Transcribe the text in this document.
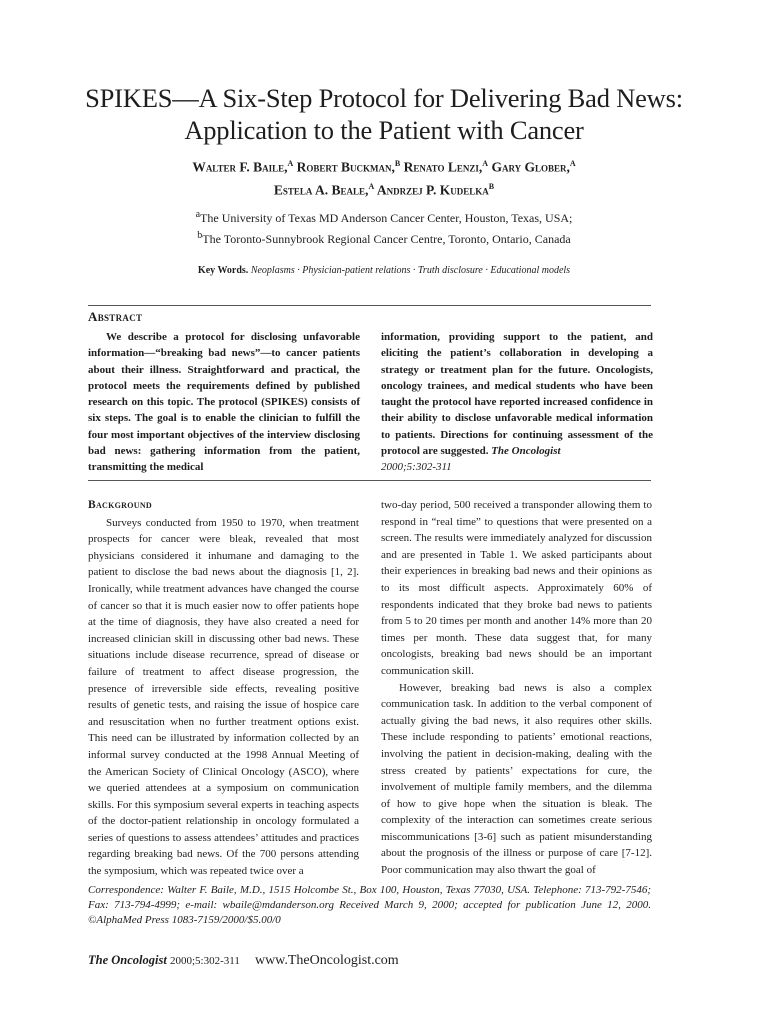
SPIKES—A Six-Step Protocol for Delivering Bad News:
Application to the Patient with Cancer
Walter F. Baile,$^a$ Robert Buckman,$^b$ Renato Lenzi,$^a$ Gary Glober,$^a$
Estela A. Beale,$^a$ Andrzej P. Kudelka$^b$
$^a$The University of Texas MD Anderson Cancer Center, Houston, Texas, USA;
$^b$The Toronto-Sunnybrook Regional Cancer Centre, Toronto, Ontario, Canada
Key Words. Neoplasms · Physician-patient relations · Truth disclosure · Educational models
Abstract
We describe a protocol for disclosing unfavorable information—“breaking bad news”—to cancer patients about their illness. Straightforward and practical, the protocol meets the requirements defined by published research on this topic. The protocol (SPIKES) consists of six steps. The goal is to enable the clinician to fulfill the four most important objectives of the interview disclosing bad news: gathering information from the patient, transmitting the medical
information, providing support to the patient, and eliciting the patient’s collaboration in developing a strategy or treatment plan for the future. Oncologists, oncology trainees, and medical students who have been taught the protocol have reported increased confidence in their ability to disclose unfavorable medical information to patients. Directions for continuing assessment of the protocol are suggested. The Oncologist
2000;5:302-311
Background

Surveys conducted from 1950 to 1970, when treatment prospects for cancer were bleak, revealed that most physicians considered it inhumane and damaging to the patient to disclose the bad news about the diagnosis [1, 2]. Ironically, while treatment advances have changed the course of cancer so that it is much easier now to offer patients hope at the time of diagnosis, they have also created a need for increased clinician skill in discussing other bad news. These situations include disease recurrence, spread of disease or failure of treatment to affect disease progression, the presence of irreversible side effects, revealing positive results of genetic tests, and raising the issue of hospice care and resuscitation when no further treatment options exist. This need can be illustrated by information collected by an informal survey conducted at the 1998 Annual Meeting of the American Society of Clinical Oncology (ASCO), where we queried attendees at a symposium on communication skills. For this symposium several experts in teaching aspects of the doctor-patient relationship in oncology formulated a series of questions to assess attendees’ attitudes and practices regarding breaking bad news. Of the 700 persons attending the symposium, which was repeated twice over a

two-day period, 500 received a transponder allowing them to respond in “real time” to questions that were presented on a screen. The results were immediately analyzed for discussion and are presented in Table 1. We asked participants about their experiences in breaking bad news and their opinions as to its most difficult aspects. Approximately 60% of respondents indicated that they broke bad news to patients from 5 to 20 times per month and another 14% more than 20 times per month. These data suggest that, for many oncologists, breaking bad news should be an important communication skill.

However, breaking bad news is also a complex communication task. In addition to the verbal component of actually giving the bad news, it also requires other skills. These include responding to patients’ emotional reactions, involving the patient in decision-making, dealing with the stress created by patients’ expectations for cure, the involvement of multiple family members, and the dilemma of how to give hope when the situation is bleak. The complexity of the interaction can sometimes create serious miscommunications [3-6] such as patient misunderstanding about the prognosis of the illness or purpose of care [7-12]. Poor communication may also thwart the goal of

Correspondence: Walter F. Baile, M.D., 1515 Holcombe St., Box 100, Houston, Texas 77030, USA. Telephone: 713-792-7546; Fax: 713-794-4999; e-mail: wbaile@mdanderson.org Received March 9, 2000; accepted for publication June 12, 2000. ©AlphaMed Press 1083-7159/2000/$5.00/0
The Oncologist 2000;5:302-311 www.TheOncologist.com
